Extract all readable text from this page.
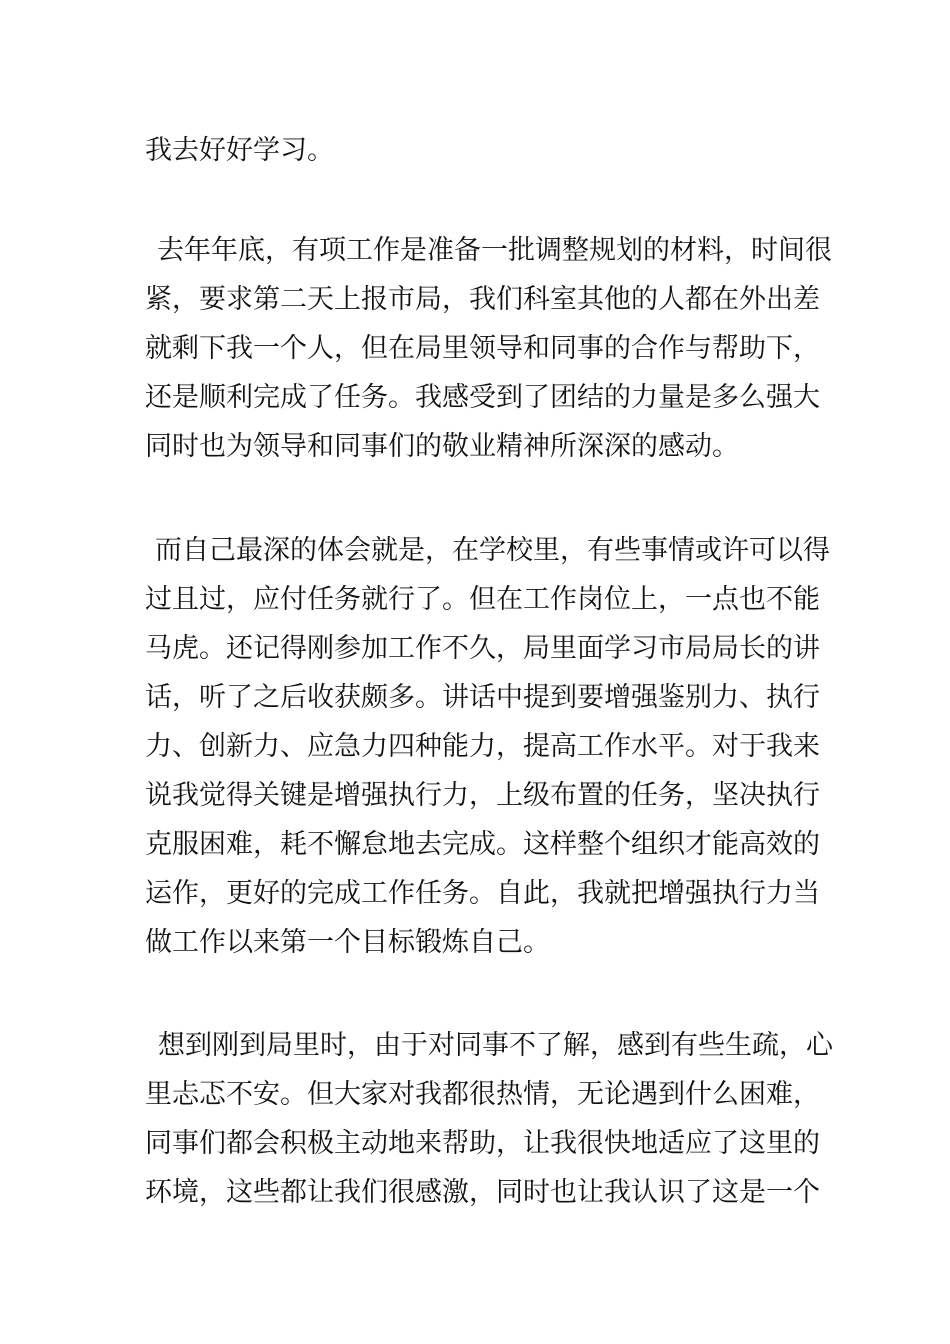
我去好好学习。
去年年底，有项工作是准备一批调整规划的材料，时间很
紧，要求第二天上报市局，我们科室其他的人都在外出差
就剩下我一个人，但在局里领导和同事的合作与帮助下，
还是顺利完成了任务。我感受到了团结的力量是多么强大
同时也为领导和同事们的敬业精神所深深的感动。
而自己最深的体会就是，在学校里，有些事情或许可以得
过且过，应付任务就行了。但在工作岗位上，一点也不能
马虎。还记得刚参加工作不久，局里面学习市局局长的讲
话，听了之后收获颇多。讲话中提到要增强鉴别力、执行
力、创新力、应急力四种能力，提高工作水平。对于我来
说我觉得关键是增强执行力，上级布置的任务，坚决执行
克服困难，耗不懈怠地去完成。这样整个组织才能高效的
运作，更好的完成工作任务。自此，我就把增强执行力当
做工作以来第一个目标锻炼自己。
想到刚到局里时，由于对同事不了解，感到有些生疏，心
里忐忑不安。但大家对我都很热情，无论遇到什么困难，
同事们都会积极主动地来帮助，让我很快地适应了这里的
环境，这些都让我们很感激，同时也让我认识了这是一个
